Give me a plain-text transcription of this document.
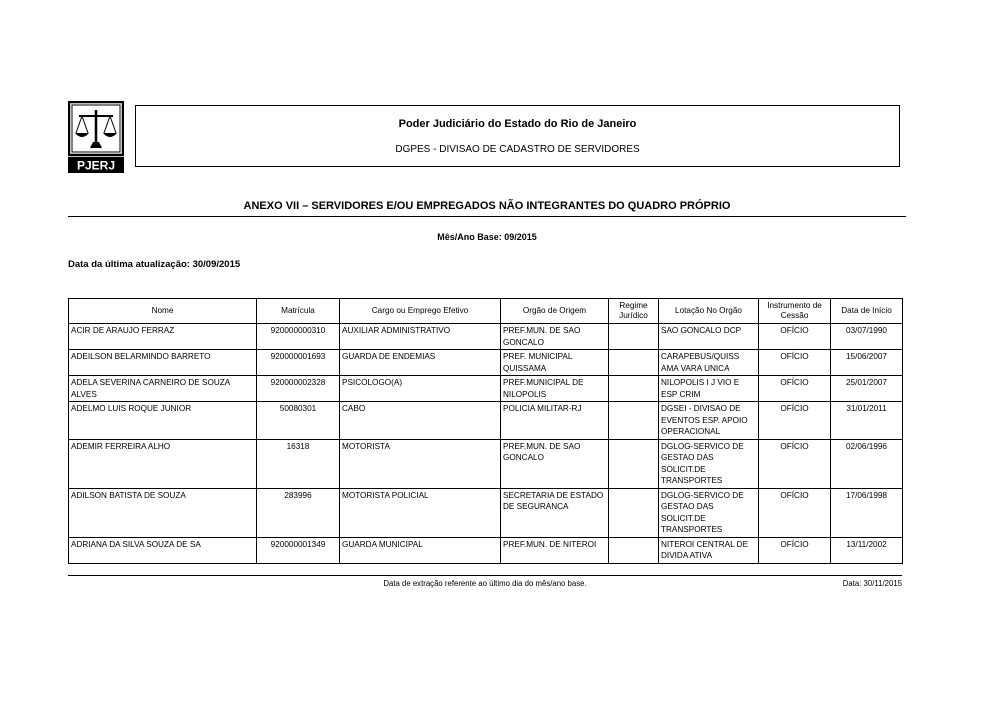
PJERJ
Poder Judiciário do Estado do Rio de Janeiro
DGPES - DIVISAO DE CADASTRO DE SERVIDORES
ANEXO VII – SERVIDORES E/OU EMPREGADOS NÃO INTEGRANTES DO QUADRO PRÓPRIO
Mês/Ano Base: 09/2015
Data da última atualização: 30/09/2015
Nome	Matrícula	Cargo ou Emprego Efetivo	Orgão de Origem	Regime Jurídico	Lotação No Orgão	Instrumento de Cessão	Data de Início
ACIR DE ARAUJO FERRAZ	920000000310	AUXILIAR ADMINISTRATIVO	PREF.MUN. DE SAO GONCALO		SAO GONCALO DCP	OFÍCIO	03/07/1990
ADEILSON BELARMINDO BARRETO	920000001693	GUARDA DE ENDEMIAS	PREF. MUNICIPAL QUISSAMA		CARAPEBUS/QUISS AMA VARA UNICA	OFÍCIO	15/06/2007
ADELA SEVERINA CARNEIRO DE SOUZA ALVES	920000002328	PSICOLOGO(A)	PREF.MUNICIPAL DE NILOPOLIS		NILOPOLIS I J VIO E ESP CRIM	OFÍCIO	25/01/2007
ADELMO LUIS ROQUE JUNIOR	50080301	CABO	POLICIA MILITAR-RJ		DGSEI - DIVISAO DE EVENTOS ESP. APOIO OPERACIONAL	OFÍCIO	31/01/2011
ADEMIR FERREIRA ALHO	16318	MOTORISTA	PREF.MUN. DE SAO GONCALO		DGLOG-SERVICO DE GESTAO DAS SOLICIT.DE TRANSPORTES	OFÍCIO	02/06/1996
ADILSON BATISTA DE SOUZA	283996	MOTORISTA POLICIAL	SECRETARIA DE ESTADO DE SEGURANCA		DGLOG-SERVICO DE GESTAO DAS SOLICIT.DE TRANSPORTES	OFÍCIO	17/06/1998
ADRIANA DA SILVA SOUZA DE SA	920000001349	GUARDA MUNICIPAL	PREF.MUN. DE NITEROI		NITEROI CENTRAL DE DIVIDA ATIVA	OFÍCIO	13/11/2002
Data de extração referente ao último dia do mês/ano base.	Data: 30/11/2015
